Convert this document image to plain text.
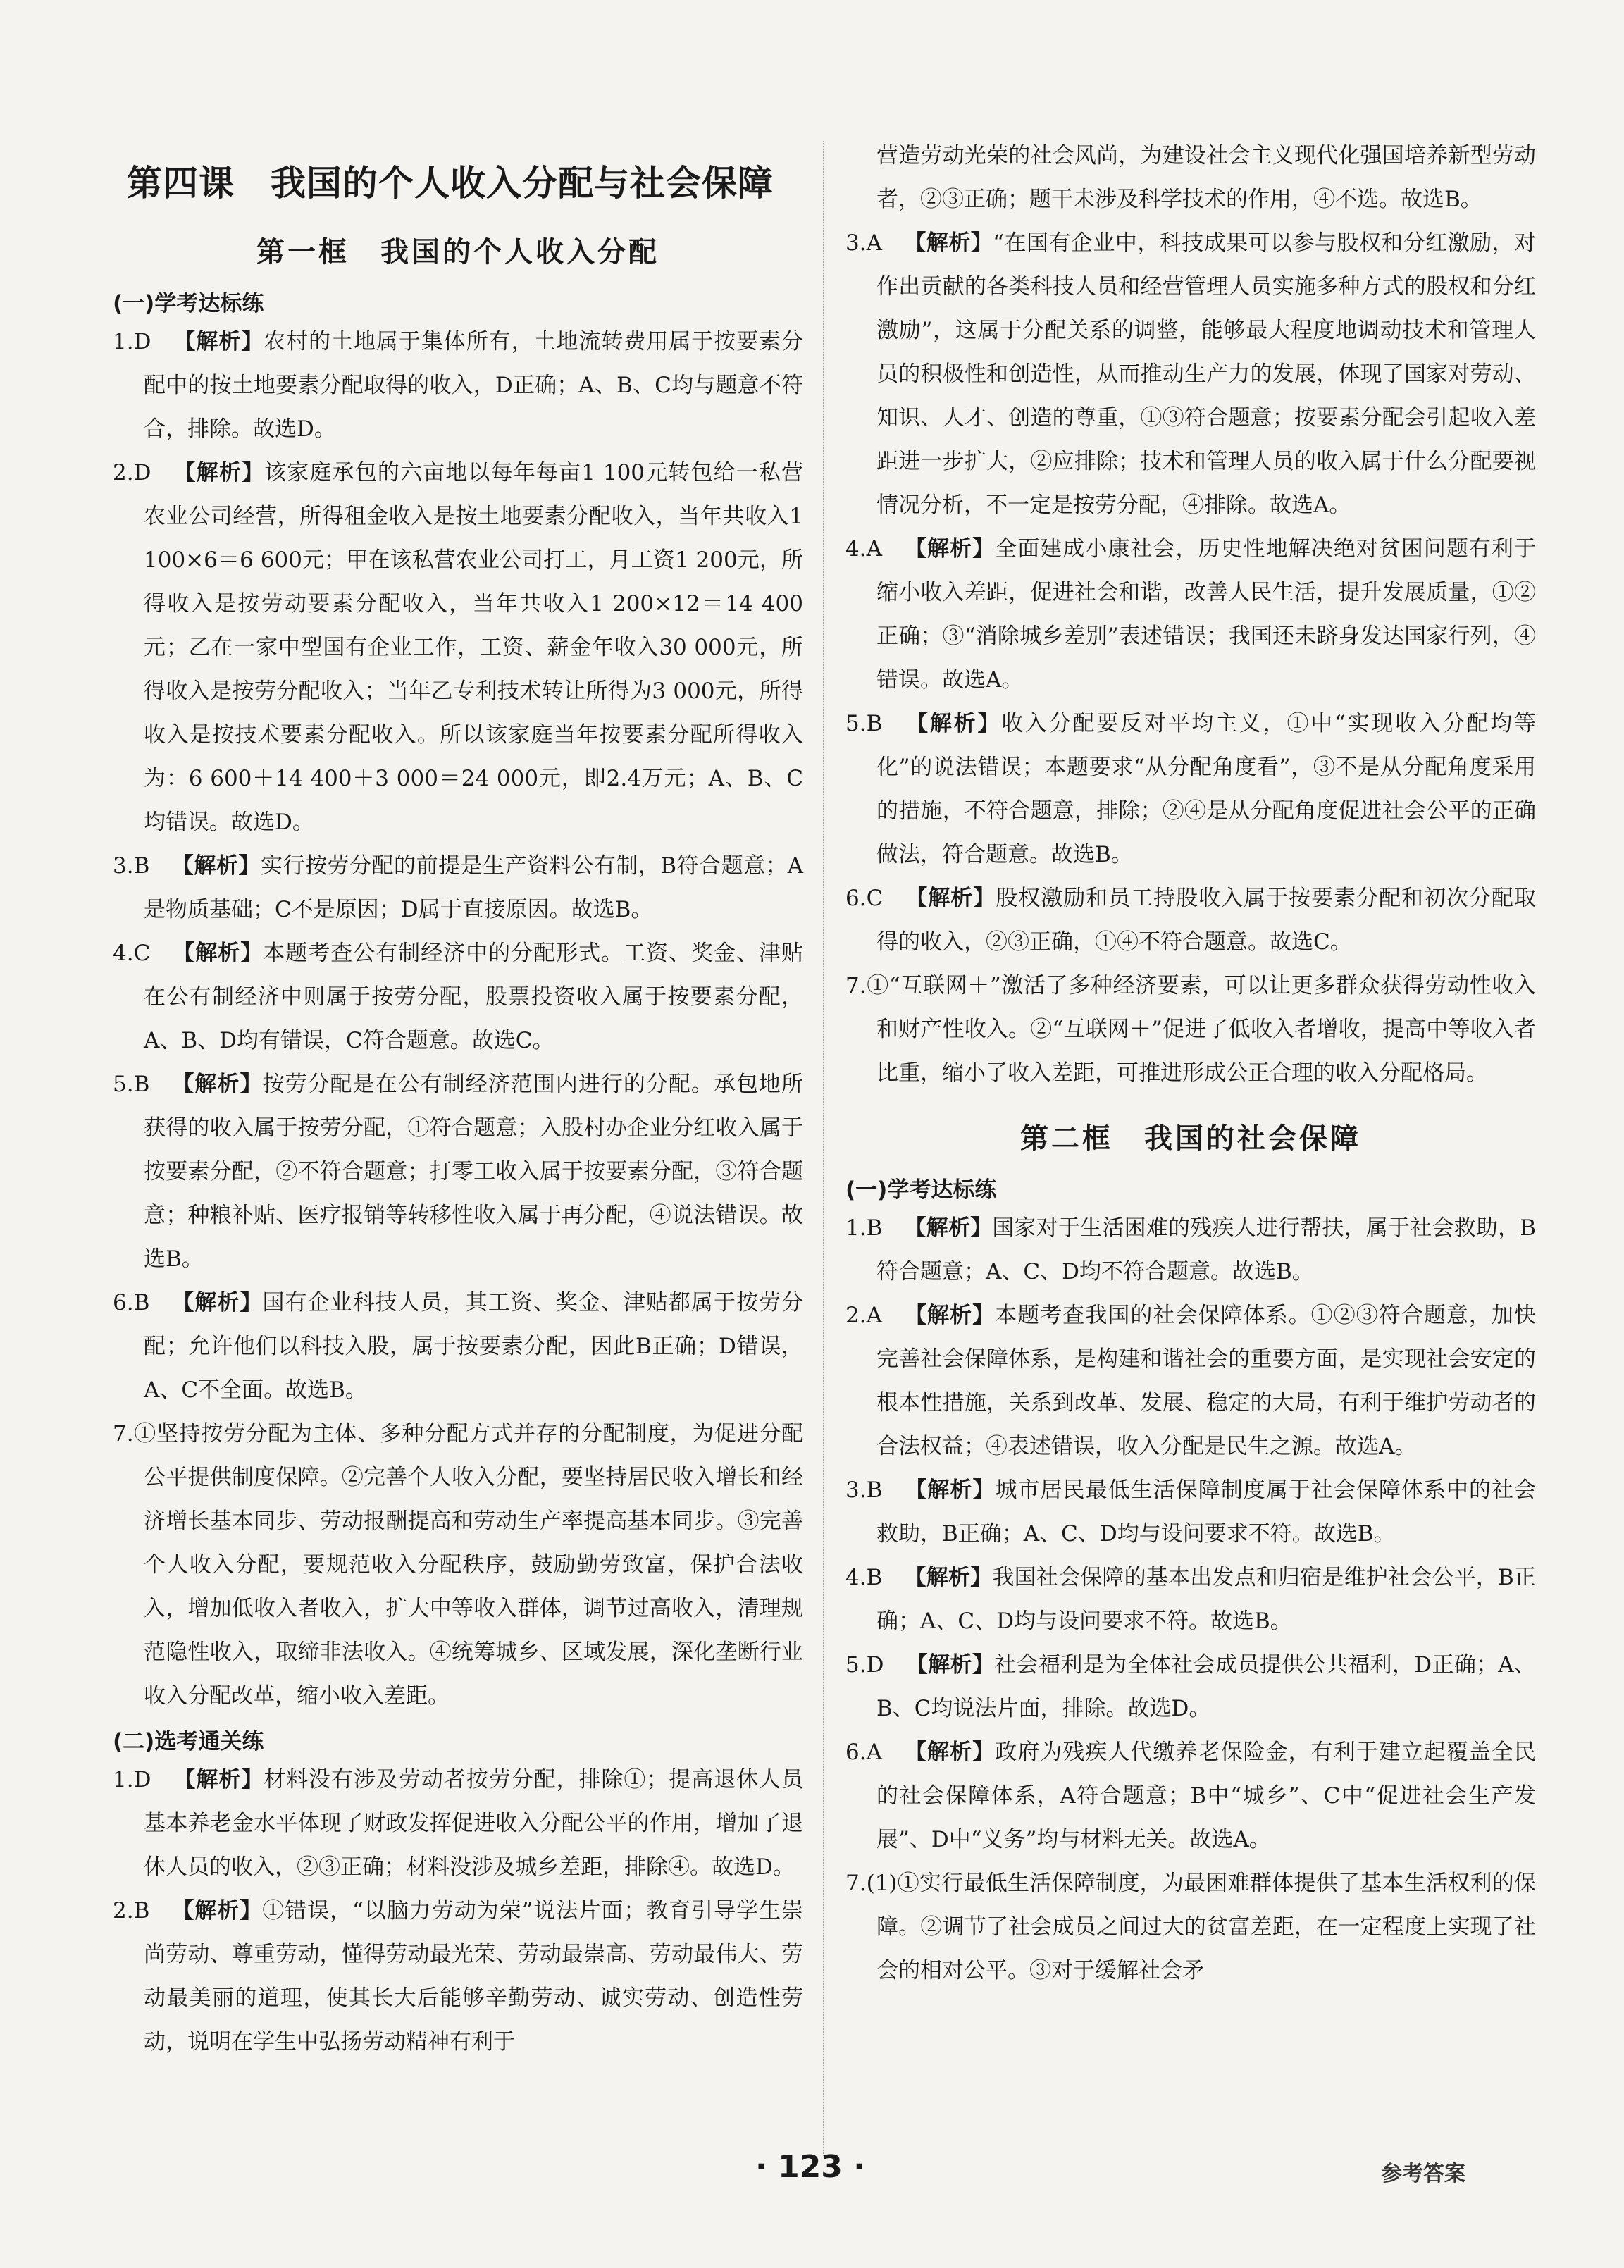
第四课　我国的个人收入分配与社会保障
第一框　我国的个人收入分配
(一)学考达标练

1.D 【解析】农村的土地属于集体所有，土地流转费用属于按要素分配中的按土地要素分配取得的收入，D正确；A、B、C均与题意不符合，排除。故选D。

2.D 【解析】该家庭承包的六亩地以每年每亩1 100元转包给一私营农业公司经营，所得租金收入是按土地要素分配收入，当年共收入1 100×6＝6 600元；甲在该私营农业公司打工，月工资1 200元，所得收入是按劳动要素分配收入，当年共收入1 200×12＝14 400元；乙在一家中型国有企业工作，工资、薪金年收入30 000元，所得收入是按劳分配收入；当年乙专利技术转让所得为3 000元，所得收入是按技术要素分配收入。所以该家庭当年按要素分配所得收入为：6 600＋14 400＋3 000＝24 000元，即2.4万元；A、B、C均错误。故选D。

3.B 【解析】实行按劳分配的前提是生产资料公有制，B符合题意；A是物质基础；C不是原因；D属于直接原因。故选B。

4.C 【解析】本题考查公有制经济中的分配形式。工资、奖金、津贴在公有制经济中则属于按劳分配，股票投资收入属于按要素分配，A、B、D均有错误，C符合题意。故选C。

5.B 【解析】按劳分配是在公有制经济范围内进行的分配。承包地所获得的收入属于按劳分配，①符合题意；入股村办企业分红收入属于按要素分配，②不符合题意；打零工收入属于按要素分配，③符合题意；种粮补贴、医疗报销等转移性收入属于再分配，④说法错误。故选B。

6.B 【解析】国有企业科技人员，其工资、奖金、津贴都属于按劳分配；允许他们以科技入股，属于按要素分配，因此B正确；D错误，A、C不全面。故选B。

7.①坚持按劳分配为主体、多种分配方式并存的分配制度，为促进分配公平提供制度保障。②完善个人收入分配，要坚持居民收入增长和经济增长基本同步、劳动报酬提高和劳动生产率提高基本同步。③完善个人收入分配，要规范收入分配秩序，鼓励勤劳致富，保护合法收入，增加低收入者收入，扩大中等收入群体，调节过高收入，清理规范隐性收入，取缔非法收入。④统筹城乡、区域发展，深化垄断行业收入分配改革，缩小收入差距。

(二)选考通关练

1.D 【解析】材料没有涉及劳动者按劳分配，排除①；提高退休人员基本养老金水平体现了财政发挥促进收入分配公平的作用，增加了退休人员的收入，②③正确；材料没涉及城乡差距，排除④。故选D。

2.B 【解析】①错误，“以脑力劳动为荣”说法片面；教育引导学生崇尚劳动、尊重劳动，懂得劳动最光荣、劳动最崇高、劳动最伟大、劳动最美丽的道理，使其长大后能够辛勤劳动、诚实劳动、创造性劳动，说明在学生中弘扬劳动精神有利于

营造劳动光荣的社会风尚，为建设社会主义现代化强国培养新型劳动者，②③正确；题干未涉及科学技术的作用，④不选。故选B。

3.A 【解析】“在国有企业中，科技成果可以参与股权和分红激励，对作出贡献的各类科技人员和经营管理人员实施多种方式的股权和分红激励”，这属于分配关系的调整，能够最大程度地调动技术和管理人员的积极性和创造性，从而推动生产力的发展，体现了国家对劳动、知识、人才、创造的尊重，①③符合题意；按要素分配会引起收入差距进一步扩大，②应排除；技术和管理人员的收入属于什么分配要视情况分析，不一定是按劳分配，④排除。故选A。

4.A 【解析】全面建成小康社会，历史性地解决绝对贫困问题有利于缩小收入差距，促进社会和谐，改善人民生活，提升发展质量，①②正确；③“消除城乡差别”表述错误；我国还未跻身发达国家行列，④错误。故选A。

5.B 【解析】收入分配要反对平均主义，①中“实现收入分配均等化”的说法错误；本题要求“从分配角度看”，③不是从分配角度采用的措施，不符合题意，排除；②④是从分配角度促进社会公平的正确做法，符合题意。故选B。

6.C 【解析】股权激励和员工持股收入属于按要素分配和初次分配取得的收入，②③正确，①④不符合题意。故选C。

7.①“互联网＋”激活了多种经济要素，可以让更多群众获得劳动性收入和财产性收入。②“互联网＋”促进了低收入者增收，提高中等收入者比重，缩小了收入差距，可推进形成公正合理的收入分配格局。

第二框　我国的社会保障
(一)学考达标练

1.B 【解析】国家对于生活困难的残疾人进行帮扶，属于社会救助，B符合题意；A、C、D均不符合题意。故选B。

2.A 【解析】本题考查我国的社会保障体系。①②③符合题意，加快完善社会保障体系，是构建和谐社会的重要方面，是实现社会安定的根本性措施，关系到改革、发展、稳定的大局，有利于维护劳动者的合法权益；④表述错误，收入分配是民生之源。故选A。

3.B 【解析】城市居民最低生活保障制度属于社会保障体系中的社会救助，B正确；A、C、D均与设问要求不符。故选B。

4.B 【解析】我国社会保障的基本出发点和归宿是维护社会公平，B正确；A、C、D均与设问要求不符。故选B。

5.D 【解析】社会福利是为全体社会成员提供公共福利，D正确；A、B、C均说法片面，排除。故选D。

6.A 【解析】政府为残疾人代缴养老保险金，有利于建立起覆盖全民的社会保障体系，A符合题意；B中“城乡”、C中“促进社会生产发展”、D中“义务”均与材料无关。故选A。

7.(1)①实行最低生活保障制度，为最困难群体提供了基本生活权利的保障。②调节了社会成员之间过大的贫富差距，在一定程度上实现了社会的相对公平。③对于缓解社会矛

· 123 ·	参考答案
